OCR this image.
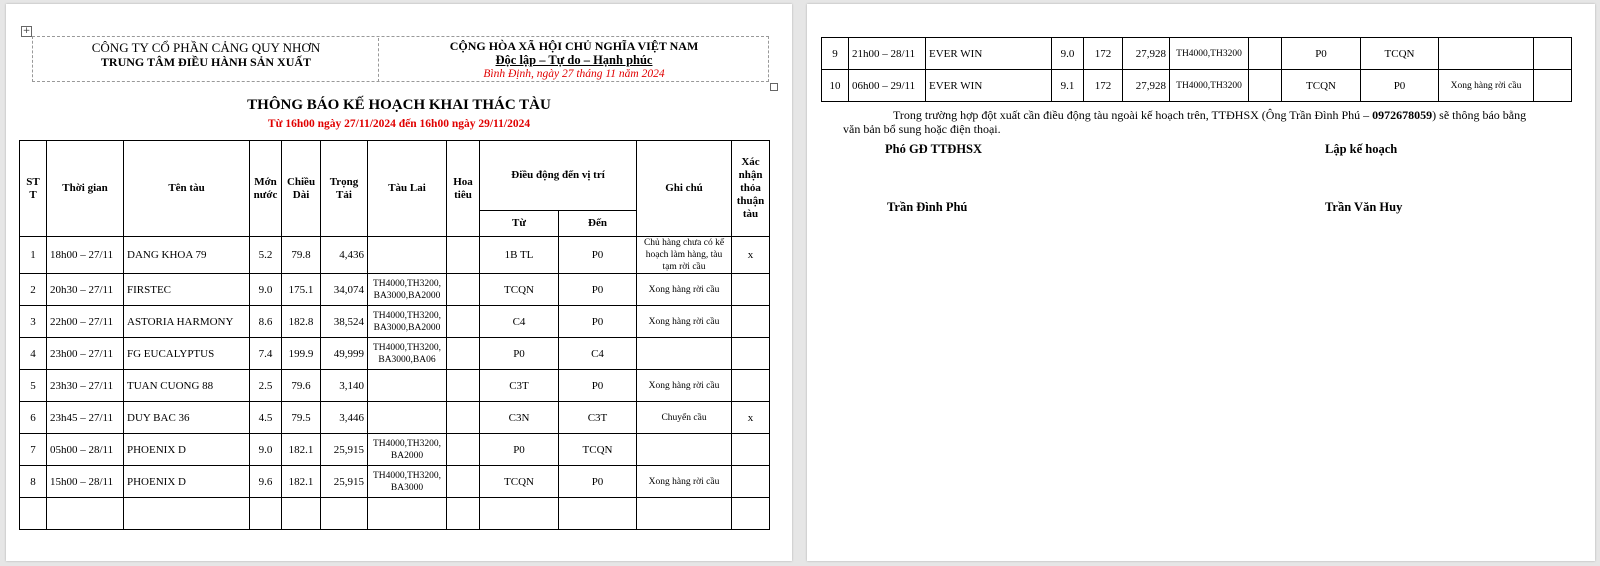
+
CÔNG TY CỔ PHẦN CẢNG QUY NHƠN
TRUNG TÂM ĐIỀU HÀNH SẢN XUẤT
CỘNG HÒA XÃ HỘI CHỦ NGHĨA VIỆT NAM
Độc lập – Tự do – Hạnh phúc
Bình Định, ngày 27 tháng 11 năm 2024
THÔNG BÁO KẾ HOẠCH KHAI THÁC TÀU
Từ 16h00 ngày 27/11/2024 đến 16h00 ngày 29/11/2024
ST T	Thời gian	Tên tàu	Mớn nước	Chiều Dài	Trọng Tải	Tàu Lai	Hoa tiêu	Điều động đến vị trí		Ghi chú	Xác nhận thỏa thuận tàu
								Từ	Đến		
1	18h00 – 27/11	DANG KHOA 79	5.2	79.8	4,436			1B TL	P0	Chủ hàng chưa có kế hoạch làm hàng, tàu tạm rời cầu	x
2	20h30 – 27/11	FIRSTEC	9.0	175.1	34,074	TH4000,TH3200, BA3000,BA2000		TCQN	P0	Xong hàng rời cầu	
3	22h00 – 27/11	ASTORIA HARMONY	8.6	182.8	38,524	TH4000,TH3200, BA3000,BA2000		C4	P0	Xong hàng rời cầu	
4	23h00 – 27/11	FG EUCALYPTUS	7.4	199.9	49,999	TH4000,TH3200, BA3000,BA06		P0	C4		
5	23h30 – 27/11	TUAN CUONG 88	2.5	79.6	3,140			C3T	P0	Xong hàng rời cầu	
6	23h45 – 27/11	DUY BAC 36	4.5	79.5	3,446			C3N	C3T	Chuyển cầu	x
7	05h00 – 28/11	PHOENIX D	9.0	182.1	25,915	TH4000,TH3200, BA2000		P0	TCQN		
8	15h00 – 28/11	PHOENIX D	9.6	182.1	25,915	TH4000,TH3200, BA3000		TCQN	P0	Xong hàng rời cầu	

9	21h00 – 28/11	EVER WIN	9.0	172	27,928	TH4000,TH3200		P0	TCQN		
10	06h00 – 29/11	EVER WIN	9.1	172	27,928	TH4000,TH3200		TCQN	P0	Xong hàng rời cầu	
Trong trường hợp đột xuất cần điều động tàu ngoài kế hoạch trên, TTĐHSX (Ông Trần Đình Phú – 0972678059) sẽ thông báo bằng văn bản bổ sung hoặc điện thoại.
Phó GĐ TTĐHSX	Lập kế hoạch
Trần Đình Phú	Trần Văn Huy
